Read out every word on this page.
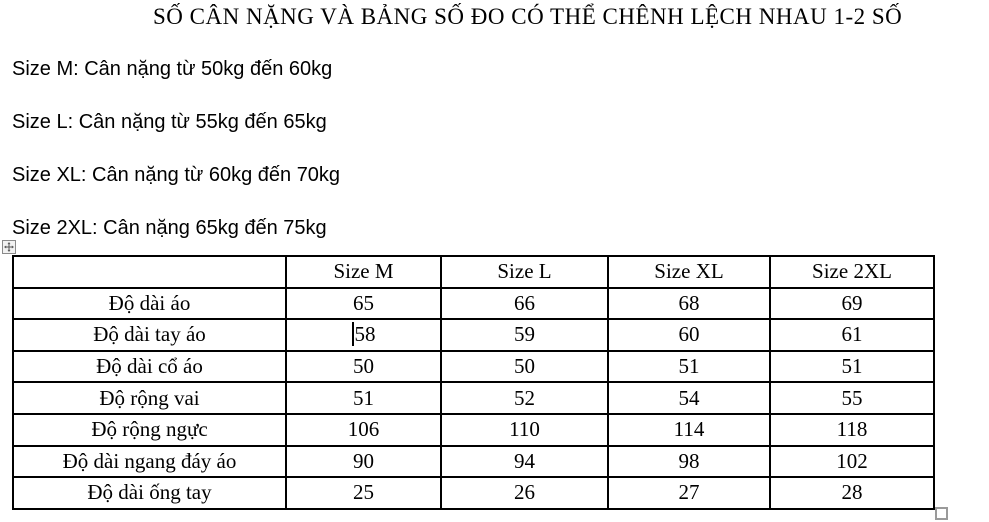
SỐ CÂN NẶNG VÀ BẢNG SỐ ĐO CÓ THỂ CHÊNH LỆCH NHAU 1-2 SỐ

Size M: Cân nặng từ 50kg đến 60kg

Size L: Cân nặng từ 55kg đến 65kg

Size XL: Cân nặng từ 60kg đến 70kg

Size 2XL: Cân nặng 65kg đến 75kg

	Size M	Size L	Size XL	Size 2XL
Độ dài áo	65	66	68	69
Độ dài tay áo	58	59	60	61
Độ dài cổ áo	50	50	51	51
Độ rộng vai	51	52	54	55
Độ rộng ngực	106	110	114	118
Độ dài ngang đáy áo	90	94	98	102
Độ dài ống tay	25	26	27	28
